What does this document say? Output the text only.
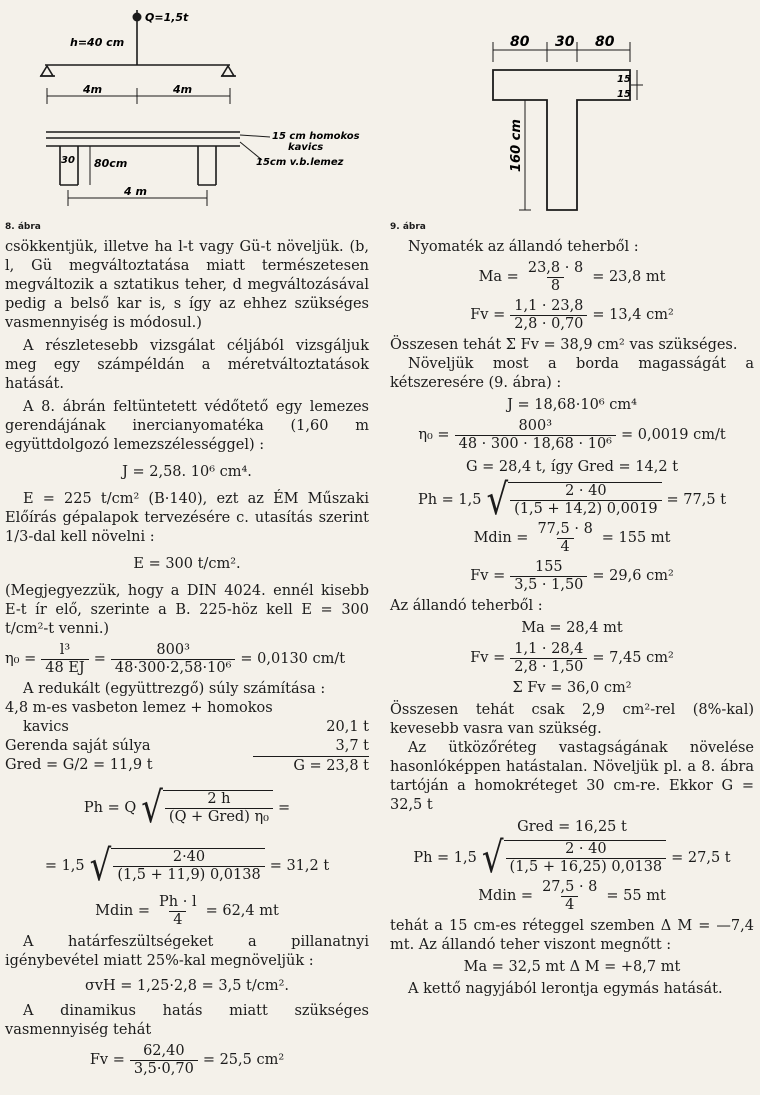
Q=1,5t
h=40 cm
4m	4m
15 cm homokos
kavics
15cm v.b.lemez
30 80cm
4 m
8. ábra
80 30 80
15
15
160 cm
9. ábra

csökkentjük, illetve ha l-t vagy Gü-t növeljük. (b, l, Gü megváltoztatása miatt természetesen megváltozik a sztatikus teher, d megváltozásával pedig a belső kar is, s így az ehhez szükséges vasmennyiség is módosul.)

A részletesebb vizsgálat céljából vizsgáljuk meg egy számpéldán a méretváltoztatások hatását.

A 8. ábrán feltüntetett védőtető egy lemezes gerendájának inercianyomatéka (1,60 m együttdolgozó lemezszélességgel) :

J = 2,58. 10⁶ cm⁴.

E = 225 t/cm² (B·140), ezt az ÉM Műszaki Előírás gépalapok tervezésére c. utasítás szerint 1/3-dal kell növelni :

E = 300 t/cm².

(Megjegyezzük, hogy a DIN 4024. ennél kisebb E-t ír elő, szerinte a B. 225-höz kell E = 300 t/cm²-t venni.)

$\eta_0 = \frac{\text{l³}}{48 EJ} = \frac{\text{800³}}{\text{48·300·2,58·10⁶}} = 0,0130$ cm/t

A redukált (együttrezgő) súly számítása :

4,8 m-es vasbeton lemez + homokos

kavics	20,1 t
Gerenda saját súlya	3,7 t
Gred = G/2 = 11,9 t	G = 23,8 t
Ph = Q √ $\frac{2 h}{\text{(Q + Gred) η₀}}$ =
= 1,5 √ $\frac{2\cdot 40}{(1,5 + 11,9) 0,0138} = 31,2$ t
Mdin = $\frac{Ph \cdot l}{4} = 62,4$ mt

A határfeszültségeket a pillanatnyi igénybevétel miatt 25%-kal megnöveljük :

σvH = 1,25·2,8 = 3,5 t/cm².

A dinamikus hatás miatt szükséges vasmennyiség tehát

$Fv = \frac{62,40}{3,5\cdot 0,70} = 25,5$ cm²

Nyomaték az állandó teherből :

$Ma = \frac{23,8 \cdot 8}{8} = 23,8$ mt
$Fv = \frac{1,1 \cdot 23,8}{2,8 \cdot 0,70} = 13,4$ cm²

Összesen tehát Σ Fv = 38,9 cm² vas szükséges.

Növeljük most a borda magasságát a kétszeresére (9. ábra) :

J = 18,68·10⁶ cm⁴

$\eta_0 = \frac{\text{800³}}{\text{48 · 300 · 18,68 · 10⁶}} = 0,0019$ cm/t

G = 28,4 t, így Gred = 14,2 t

Ph = 1,5 √ $\frac{2 \cdot 40}{(1,5 + 14,2) 0,0019} = 77,5$ t
Mdin = $\frac{77,5 \cdot 8}{4} = 155$ mt
$Fv = \frac{155}{3,5 \cdot 1,50} = 29,6$ cm²

Az állandó teherből :

Ma = 28,4 mt

$Fv = \frac{1,1 \cdot 28,4}{2,8 \cdot 1,50} = 7,45$ cm²

Σ Fv = 36,0 cm²

Összesen tehát csak 2,9 cm²-rel (8%-kal) kevesebb vasra van szükség.

Az ütközőréteg vastagságának növelése hasonlóképpen hatástalan. Növeljük pl. a 8. ábra tartóján a homokréteget 30 cm-re. Ekkor G = 32,5 t

Gred = 16,25 t

Ph = 1,5 √ $\frac{2 \cdot 40}{(1,5 + 16,25) 0,0138} = 27,5$ t
Mdin = $\frac{27,5 \cdot 8}{4} = 55$ mt

tehát a 15 cm-es réteggel szemben Δ M = —7,4 mt. Az állandó teher viszont megnőtt :

Ma = 32,5 mt Δ M = +8,7 mt

A kettő nagyjából lerontja egymás hatását.
